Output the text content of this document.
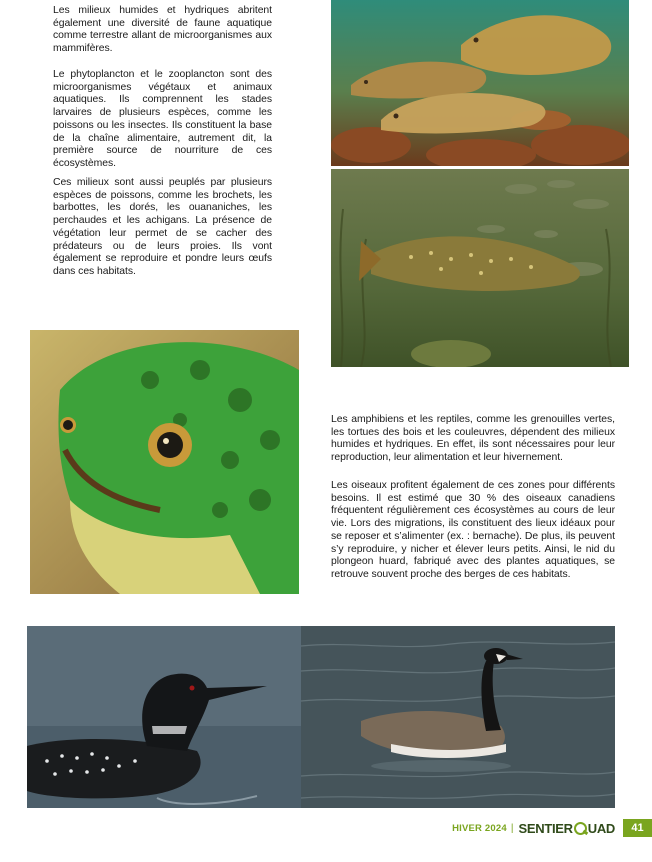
Les milieux humides et hydriques abritent également une diversité de faune aquatique comme terrestre allant de microorganismes aux mammifères.

Le phytoplancton et le zooplancton sont des microorganismes végétaux et animaux aquatiques. Ils comprennent les stades larvaires de plusieurs espèces, comme les poissons ou les insectes. Ils constituent la base de la chaîne alimentaire, autrement dit, la première source de nourriture de ces écosystèmes.

Ces milieux sont aussi peuplés par plusieurs espèces de poissons, comme les brochets, les barbottes, les dorés, les ouananiches, les perchaudes et les achigans. La présence de végétation leur permet de se cacher des prédateurs ou de leurs proies. Ils vont également se reproduire et pondre leurs œufs dans ces habitats.

Les amphibiens et les reptiles, comme les grenouilles vertes, les tortues des bois et les couleuvres, dépendent des milieux humides et hydriques. En effet, ils sont nécessaires pour leur reproduction, leur alimentation et leur hivernement.

Les oiseaux profitent également de ces zones pour différents besoins. Il est estimé que 30 % des oiseaux canadiens fréquentent régulièrement ces écosystèmes au cours de leur vie. Lors des migrations, ils constituent des lieux idéaux pour se reposer et s’alimenter (ex. : bernache). De plus, ils peuvent s’y reproduire, y nicher et élever leurs petits. Ainsi, le nid du plongeon huard, fabriqué avec des plantes aquatiques, se retrouve souvent proche des berges de ces habitats.

HIVER 2024 | SENTIER UAD	41
